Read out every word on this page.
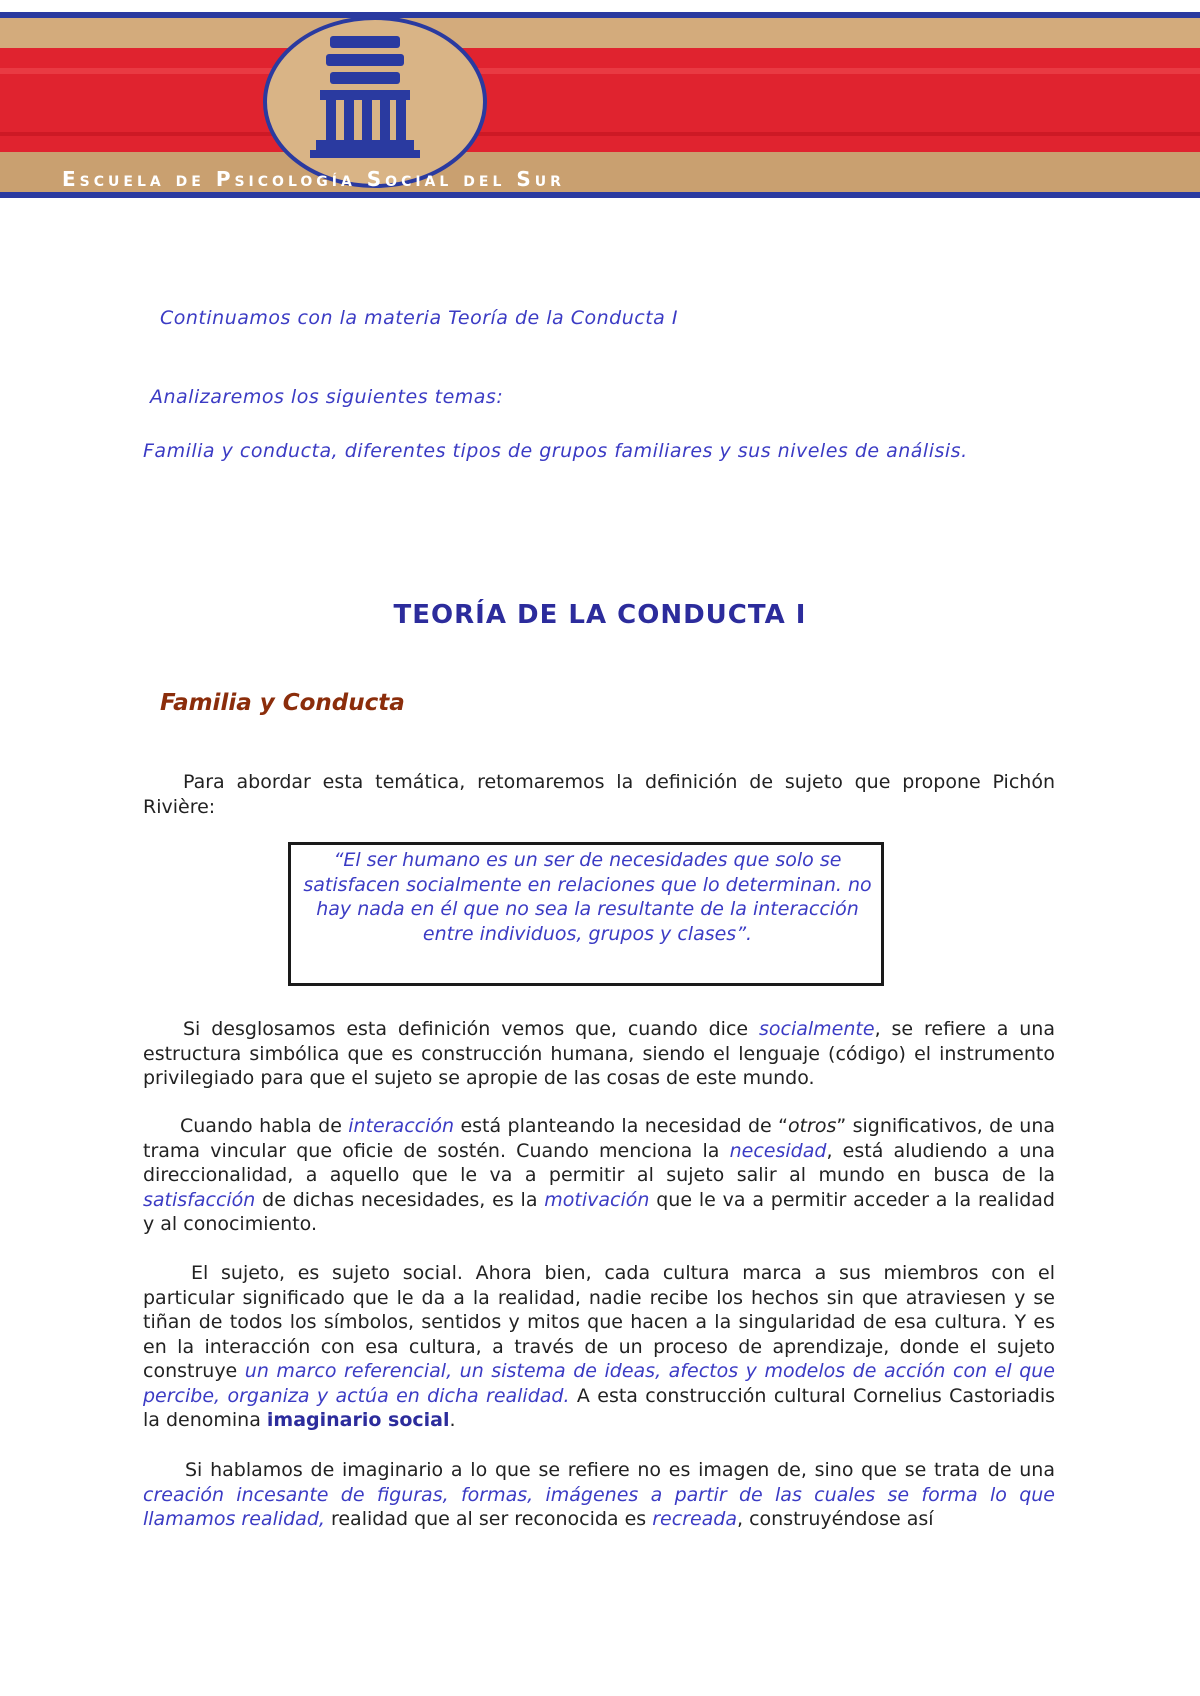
Escuela de Psicología Social del Sur
Continuamos con la materia Teoría de la Conducta I
Analizaremos los siguientes temas:
Familia y conducta, diferentes tipos de grupos familiares y sus niveles de análisis.
TEORÍA DE LA CONDUCTA I
Familia y Conducta
Para abordar esta temática, retomaremos la definición de sujeto que propone Pichón Rivière:
“El ser humano es un ser de necesidades que solo se satisfacen socialmente en relaciones que lo determinan. no hay nada en él que no sea la resultante de la interacción entre individuos, grupos y clases”.
Si desglosamos esta definición vemos que, cuando dice socialmente, se refiere a una estructura simbólica que es construcción humana, siendo el lenguaje (código) el instrumento privilegiado para que el sujeto se apropie de las cosas de este mundo.
Cuando habla de interacción está planteando la necesidad de “otros” significativos, de una trama vincular que oficie de sostén. Cuando menciona la necesidad, está aludiendo a una direccionalidad, a aquello que le va a permitir al sujeto salir al mundo en busca de la satisfacción de dichas necesidades, es la motivación que le va a permitir acceder a la realidad y al conocimiento.
El sujeto, es sujeto social. Ahora bien, cada cultura marca a sus miembros con el particular significado que le da a la realidad, nadie recibe los hechos sin que atraviesen y se tiñan de todos los símbolos, sentidos y mitos que hacen a la singularidad de esa cultura. Y es en la interacción con esa cultura, a través de un proceso de aprendizaje, donde el sujeto construye un marco referencial, un sistema de ideas, afectos y modelos de acción con el que percibe, organiza y actúa en dicha realidad. A esta construcción cultural Cornelius Castoriadis la denomina imaginario social.
Si hablamos de imaginario a lo que se refiere no es imagen de, sino que se trata de una creación incesante de figuras, formas, imágenes a partir de las cuales se forma lo que llamamos realidad, realidad que al ser reconocida es recreada, construyéndose así
